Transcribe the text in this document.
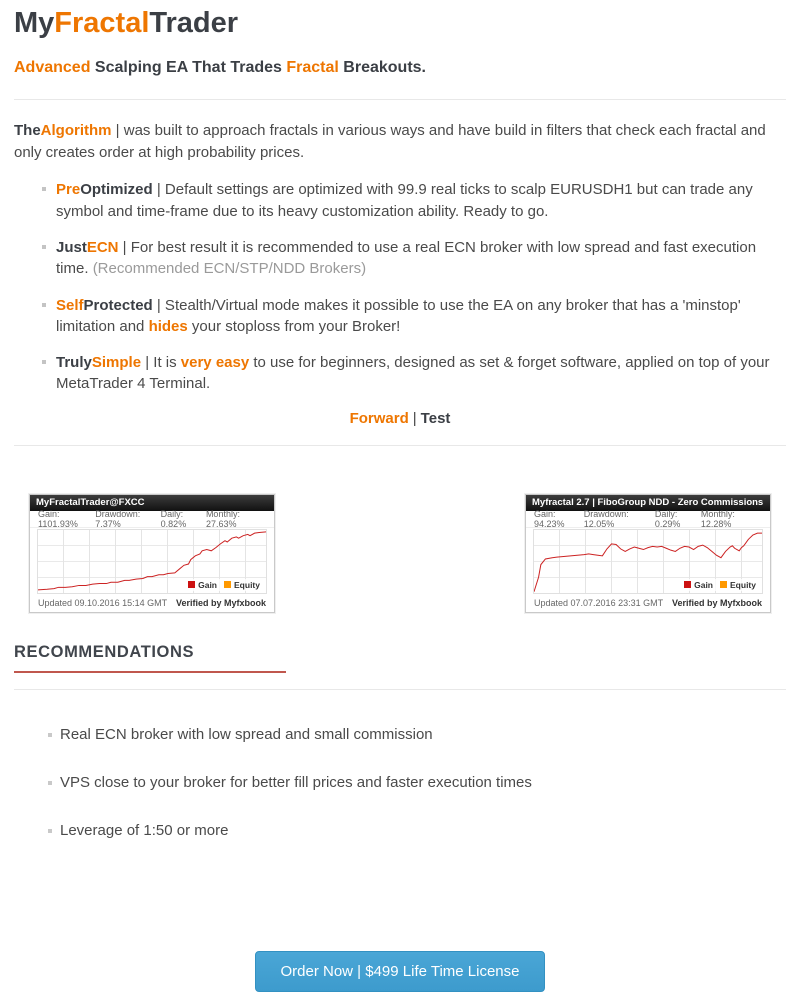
MyFractalTrader

Advanced Scalping EA That Trades Fractal Breakouts.

TheAlgorithm | was built to approach fractals in various ways and have build in filters that check each fractal and only creates order at high probability prices.

PreOptimized | Default settings are optimized with 99.9 real ticks to scalp EURUSDH1 but can trade any symbol and time-frame due to its heavy customization ability. Ready to go.
JustECN | For best result it is recommended to use a real ECN broker with low spread and fast execution time. (Recommended ECN/STP/NDD Brokers)
SelfProtected | Stealth/Virtual mode makes it possible to use the EA on any broker that has a 'minstop' limitation and hides your stoploss from your Broker!
TrulySimple | It is very easy to use for beginners, designed as set & forget software, applied on top of your MetaTrader 4 Terminal.
Forward | Test
MyFractalTrader@FXCC
Gain: 1101.93%
Drawdown: 7.37%
Daily: 0.82%
Monthly: 27.63%
Gain Equity
Updated 09.10.2016 15:14 GMT Verified by Myfxbook
Myfractal 2.7 | FiboGroup NDD - Zero Commissions
Gain: 94.23%
Drawdown: 12.05%
Daily: 0.29%
Monthly: 12.28%
Gain Equity
Updated 07.07.2016 23:31 GMT Verified by Myfxbook
RECOMMENDATIONS
Real ECN broker with low spread and small commission
VPS close to your broker for better fill prices and faster execution times
Leverage of 1:50 or more
Order Now | $499 Life Time License
